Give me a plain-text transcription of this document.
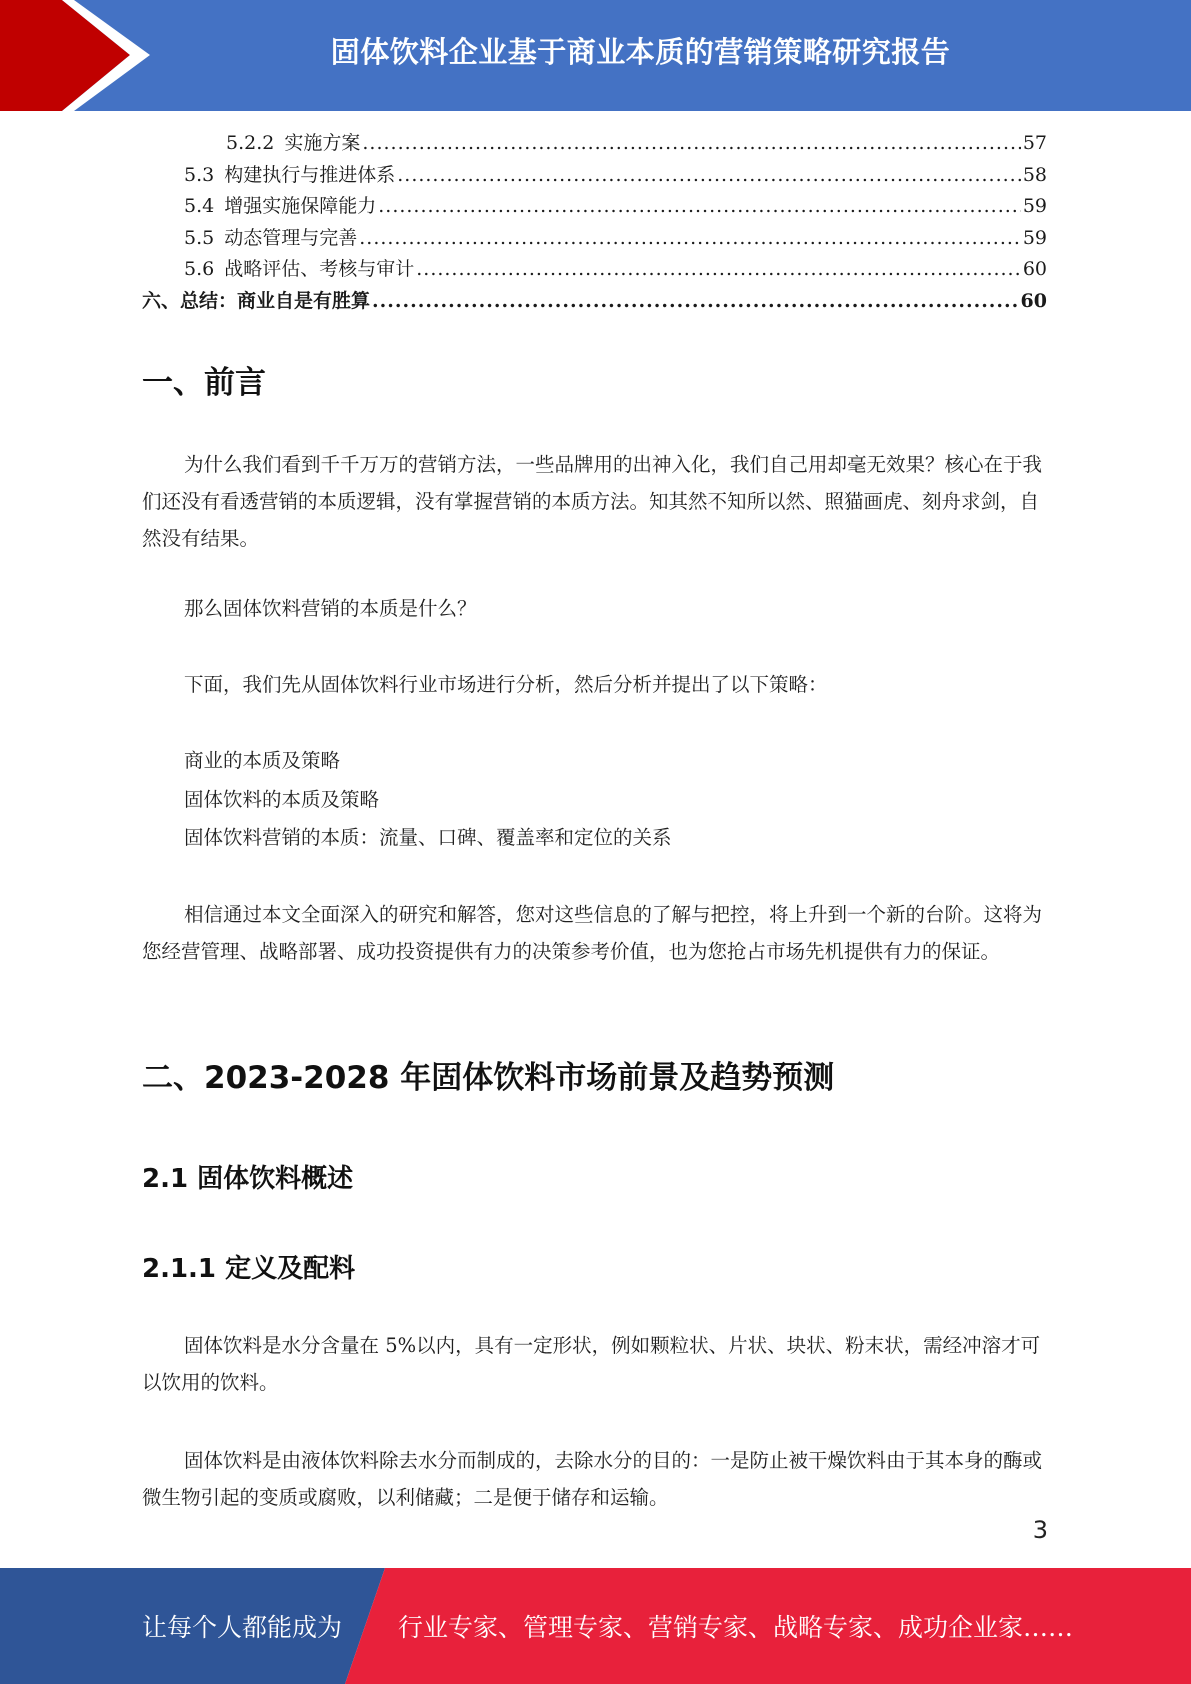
固体饮料企业基于商业本质的营销策略研究报告
5.2.2 实施方案 .....	57
5.3 构建执行与推进体系 .....	58
5.4 增强实施保障能力 .....	59
5.5 动态管理与完善 .....	59
5.6 战略评估、考核与审计 .....	60
六、总结：商业自是有胜算 .....	60
一、前言
为什么我们看到千千万万的营销方法，一些品牌用的出神入化，我们自己用却毫无效果？核心在于我们还没有看透营销的本质逻辑，没有掌握营销的本质方法。知其然不知所以然、照猫画虎、刻舟求剑，自然没有结果。
那么固体饮料营销的本质是什么？
下面，我们先从固体饮料行业市场进行分析，然后分析并提出了以下策略：
商业的本质及策略
固体饮料的本质及策略
固体饮料营销的本质：流量、口碑、覆盖率和定位的关系
相信通过本文全面深入的研究和解答，您对这些信息的了解与把控，将上升到一个新的台阶。这将为您经营管理、战略部署、成功投资提供有力的决策参考价值，也为您抢占市场先机提供有力的保证。
二、2023-2028 年固体饮料市场前景及趋势预测
2.1 固体饮料概述
2.1.1 定义及配料
固体饮料是水分含量在 5%以内，具有一定形状，例如颗粒状、片状、块状、粉末状，需经冲溶才可以饮用的饮料。
固体饮料是由液体饮料除去水分而制成的，去除水分的目的：一是防止被干燥饮料由于其本身的酶或微生物引起的变质或腐败，以利储藏；二是便于储存和运输。
3
让每个人都能成为 行业专家、管理专家、营销专家、战略专家、成功企业家……
